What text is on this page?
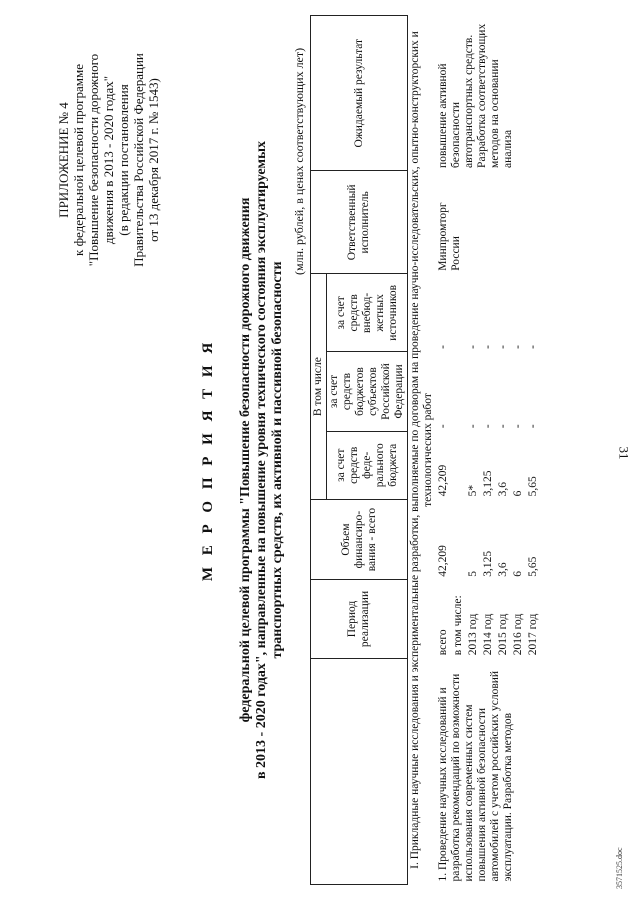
31
ПРИЛОЖЕНИЕ № 4 к федеральной целевой программе "Повышение безопасности дорожного движения в 2013 - 2020 годах" (в редакции постановления Правительства Российской Федерации от 13 декабря 2017 г. № 1543)
М Е Р О П Р И Я Т И Я федеральной целевой программы "Повышение безопасности дорожного движения в 2013 - 2020 годах", направленные на повышение уровня технического состояния эксплуатируемых транспортных средств, их активной и пассивной безопасности
(млн. рублей, в ценах соответствующих лет)
	Период реализации	Объем финансиро-вания - всего	В том числе			Ответственный исполнитель	Ожидаемый результат
			за счет средств феде-рального бюджета	за счет средств бюджетов субъектов Российской Федерации	за счет средств внебюд-жетных источников		
I. Прикладные научные исследования и экспериментальные разработки, выполняемые по договорам на проведение научно-исследовательских, опытно-конструкторских и технологических работ							
1. Проведение научных исследований и разработка рекомендаций по возможности использования современных систем повышения активной безопасности автомобилей с учетом российских условий эксплуатации. Разработка методов	всего	42,209	42,209	-	-	Минпромторг России	повышение активной безопасности автотранспортных средств. Разработка соответствующих методов на основании анализа
	в том числе:						
	2013 год	5	5*	-	-		
	2014 год	3,125	3,125	-	-		
	2015 год	3,6	3,6	-	-		
	2016 год	6	6	-	-		
	2017 год	5,65	5,65	-	-		
3571525.doc
